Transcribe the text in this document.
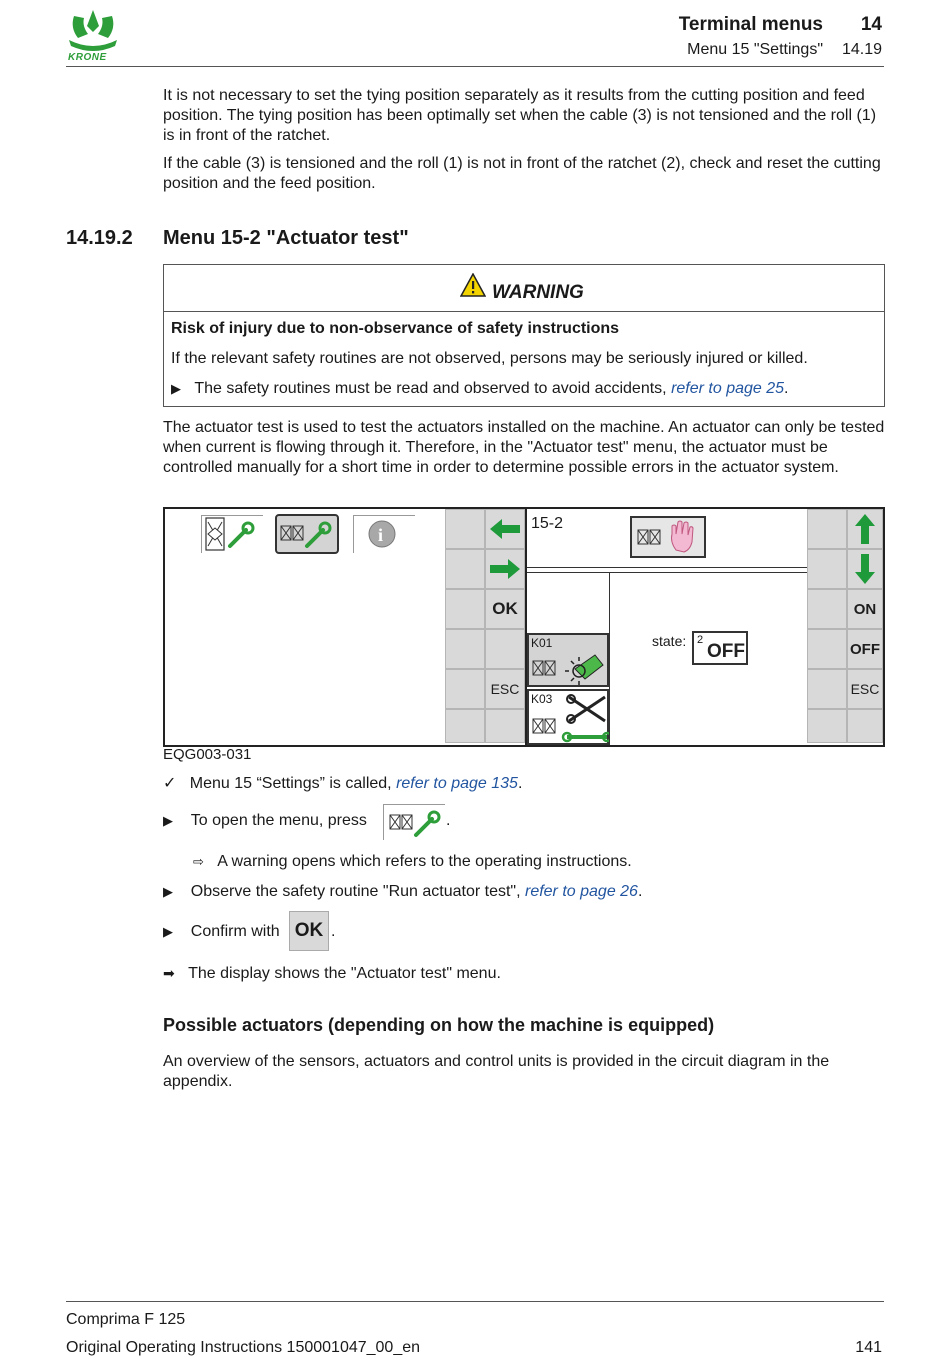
KRONE
Terminal menus 14
Menu 15 "Settings" 14.19
It is not necessary to set the tying position separately as it results from the cutting position and feed position. The tying position has been optimally set when the cable (3) is not tensioned and the roll (1) is in front of the ratchet.
If the cable (3) is tensioned and the roll (1) is not in front of the ratchet (2), check and reset the cutting position and the feed position.
14.19.2 Menu 15-2 "Actuator test"
WARNING
Risk of injury due to non-observance of safety instructions
If the relevant safety routines are not observed, persons may be seriously injured or killed.
▶ The safety routines must be read and observed to avoid accidents, refer to page 25.
The actuator test is used to test the actuators installed on the machine. An actuator can only be tested when current is flowing through it. Therefore, in the "Actuator test" menu, the actuator must be controlled manually for a short time in order to determine possible errors in the actuator system.
i
OK
ESC
15-2
K01
K03
state: 2
OFF
ON
OFF
ESC
EQG003-031
✓ Menu 15 “Settings” is called, refer to page 135.
▶ To open the menu, press	.
⇨ A warning opens which refers to the operating instructions.
▶ Observe the safety routine "Run actuator test", refer to page 26.
▶ Confirm with OK .
➡ The display shows the "Actuator test" menu.
Possible actuators (depending on how the machine is equipped)
An overview of the sensors, actuators and control units is provided in the circuit diagram in the appendix.
Comprima F 125
Original Operating Instructions 150001047_00_en	141
